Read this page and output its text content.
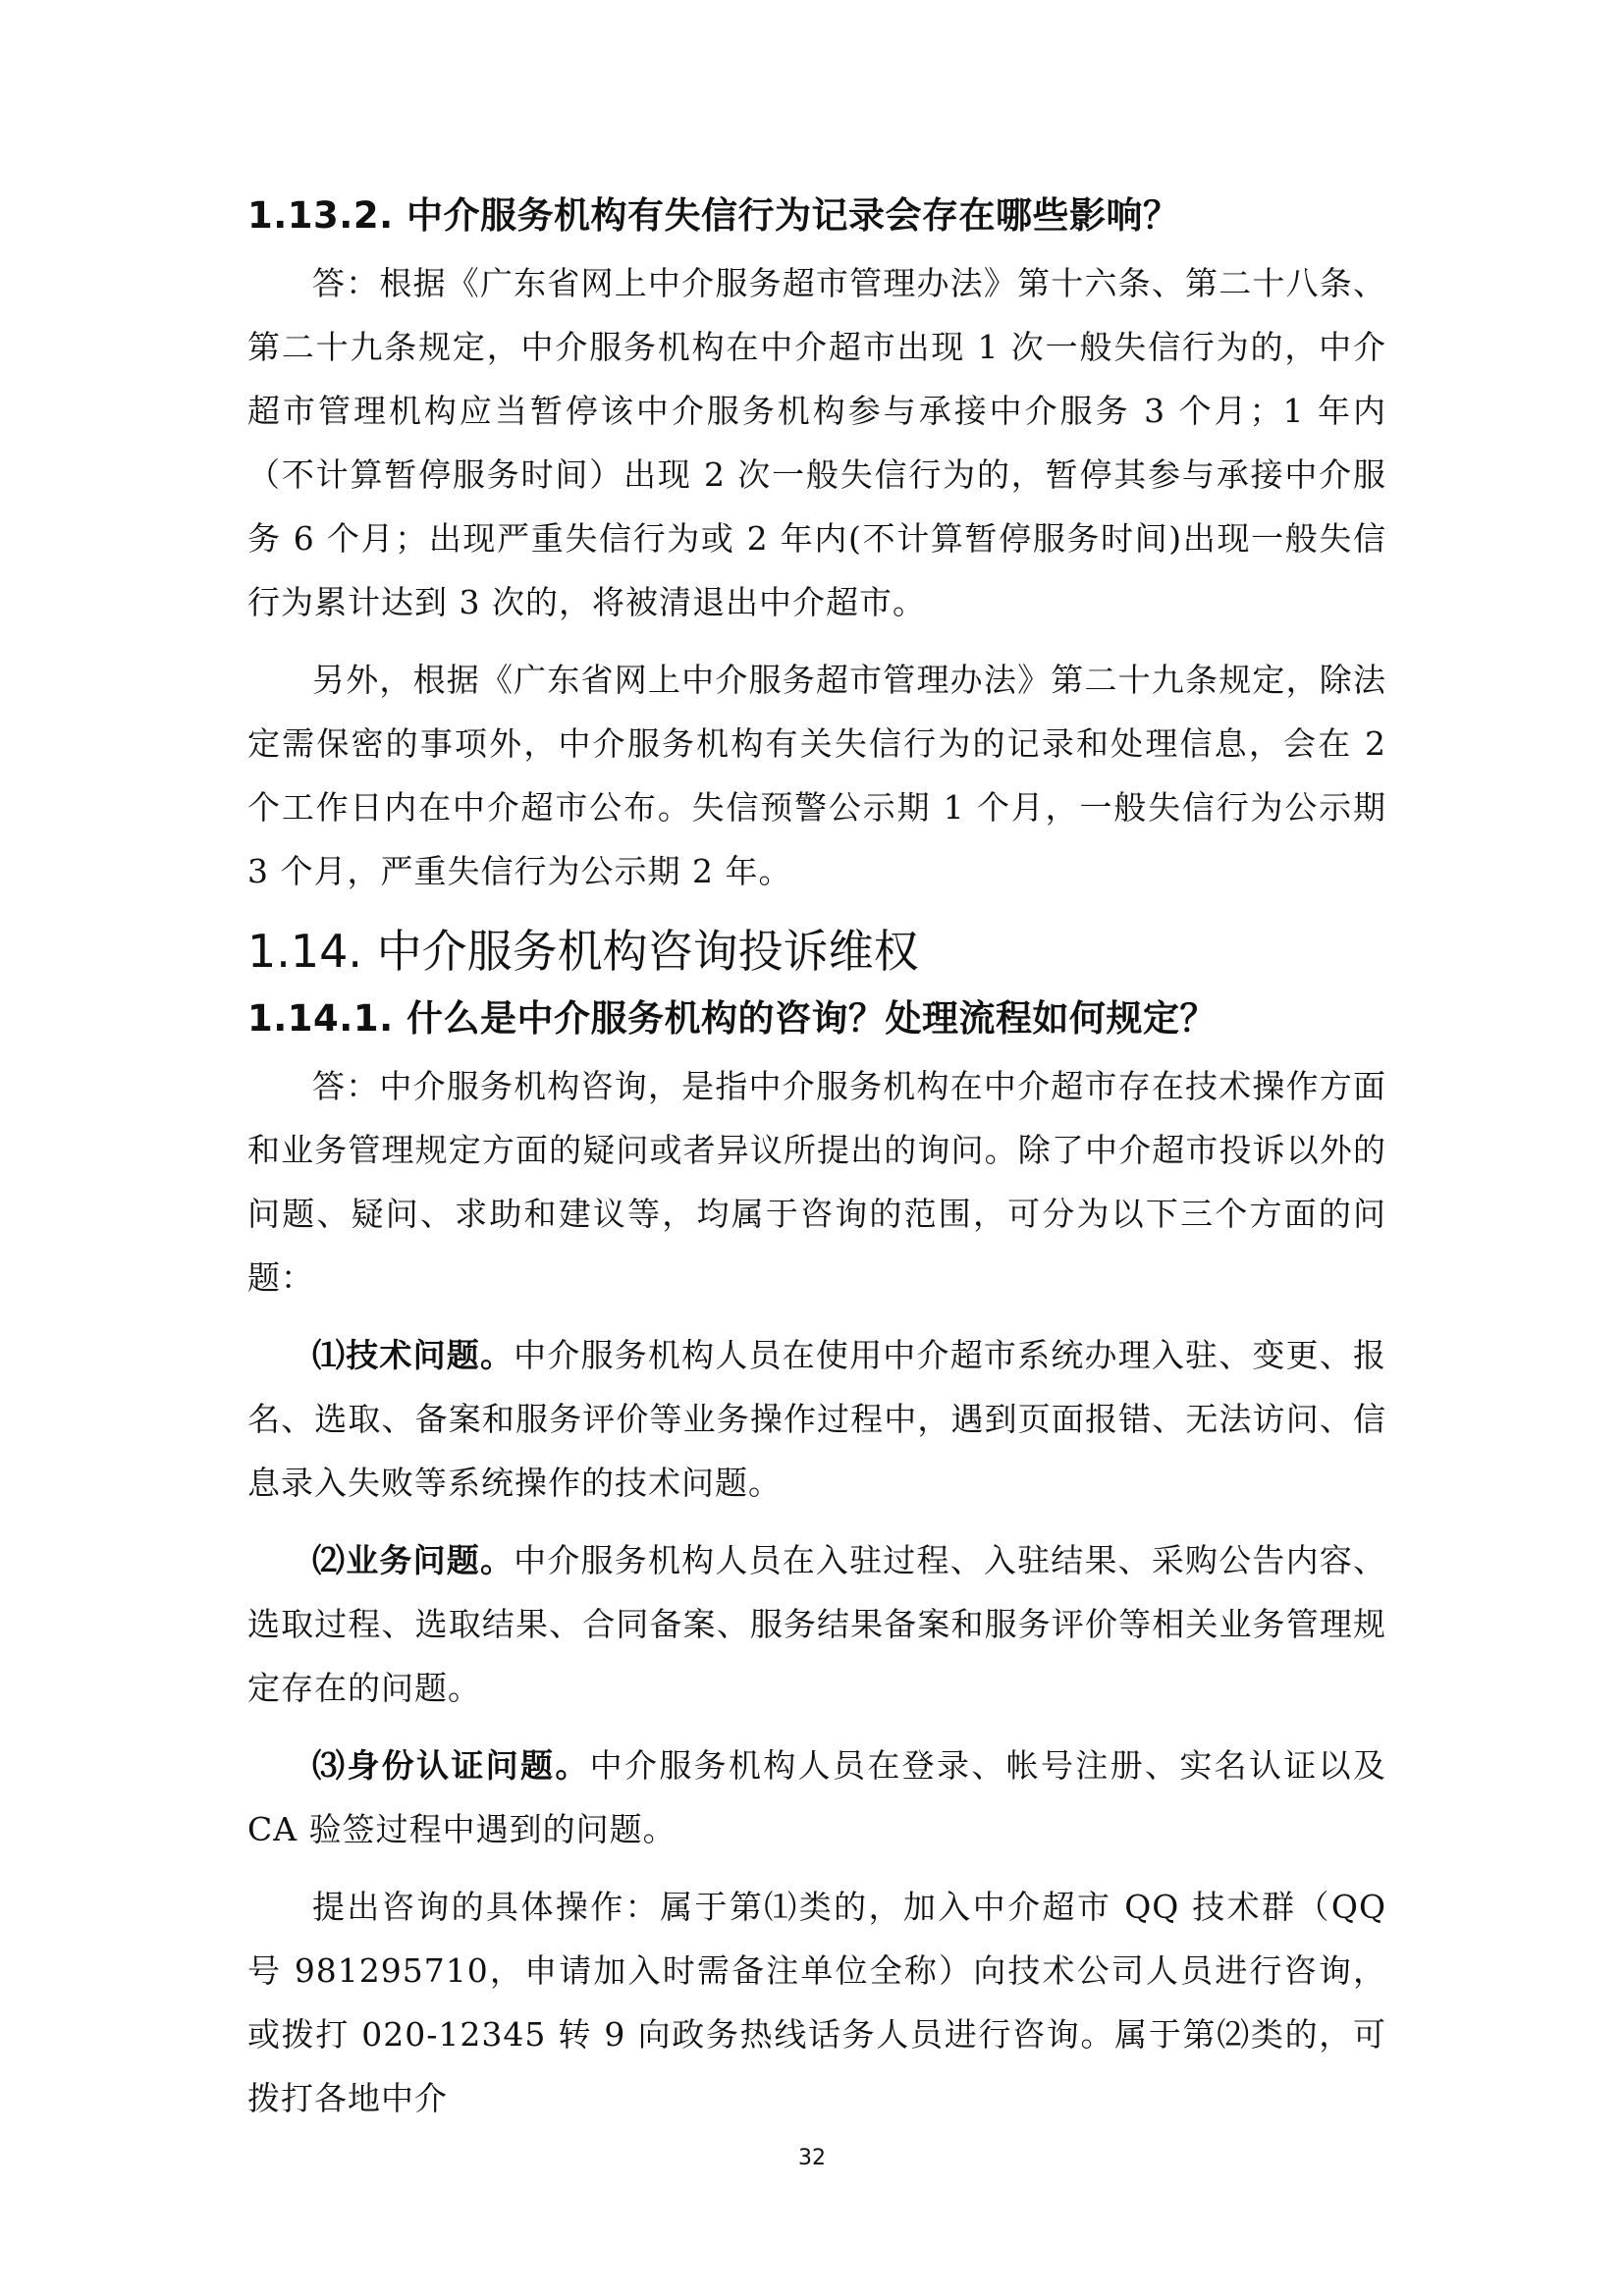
1.13.2. 中介服务机构有失信行为记录会存在哪些影响？

答：根据《广东省网上中介服务超市管理办法》第十六条、第二十八条、第二十九条规定，中介服务机构在中介超市出现 1 次一般失信行为的，中介超市管理机构应当暂停该中介服务机构参与承接中介服务 3 个月；1 年内（不计算暂停服务时间）出现 2 次一般失信行为的，暂停其参与承接中介服务 6 个月；出现严重失信行为或 2 年内(不计算暂停服务时间)出现一般失信行为累计达到 3 次的，将被清退出中介超市。

另外，根据《广东省网上中介服务超市管理办法》第二十九条规定，除法定需保密的事项外，中介服务机构有关失信行为的记录和处理信息，会在 2 个工作日内在中介超市公布。失信预警公示期 1 个月，一般失信行为公示期 3 个月，严重失信行为公示期 2 年。

1.14. 中介服务机构咨询投诉维权
1.14.1. 什么是中介服务机构的咨询？处理流程如何规定？

答：中介服务机构咨询，是指中介服务机构在中介超市存在技术操作方面和业务管理规定方面的疑问或者异议所提出的询问。除了中介超市投诉以外的问题、疑问、求助和建议等，均属于咨询的范围，可分为以下三个方面的问题：

⑴技术问题。中介服务机构人员在使用中介超市系统办理入驻、变更、报名、选取、备案和服务评价等业务操作过程中，遇到页面报错、无法访问、信息录入失败等系统操作的技术问题。

⑵业务问题。中介服务机构人员在入驻过程、入驻结果、采购公告内容、选取过程、选取结果、合同备案、服务结果备案和服务评价等相关业务管理规定存在的问题。

⑶身份认证问题。中介服务机构人员在登录、帐号注册、实名认证以及 CA 验签过程中遇到的问题。

提出咨询的具体操作：属于第⑴类的，加入中介超市 QQ 技术群（QQ 号 981295710，申请加入时需备注单位全称）向技术公司人员进行咨询，或拨打 020-12345 转 9 向政务热线话务人员进行咨询。属于第⑵类的，可拨打各地中介

32
